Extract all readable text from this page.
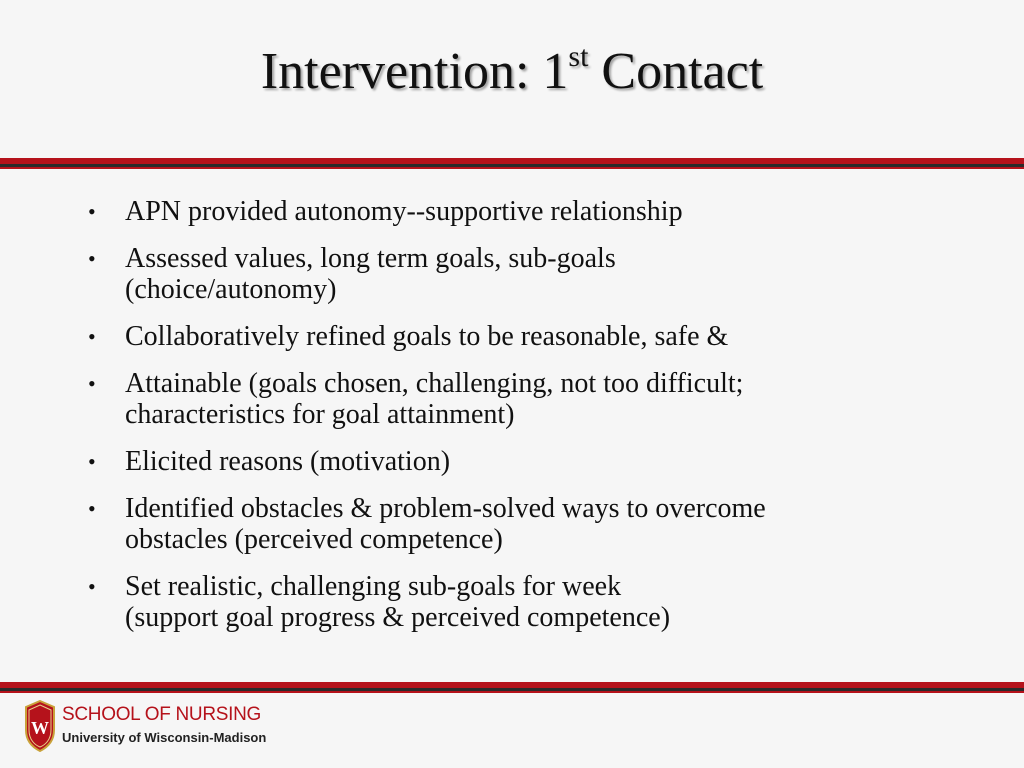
Intervention: 1st Contact
• APN provided autonomy--supportive relationship
• Assessed values, long term goals, sub-goals
(choice/autonomy)
• Collaboratively refined goals to be reasonable, safe &
• Attainable (goals chosen, challenging, not too difficult;
characteristics for goal attainment)
• Elicited reasons (motivation)
• Identified obstacles & problem-solved ways to overcome
obstacles (perceived competence)
• Set realistic, challenging sub-goals for week
(support goal progress & perceived competence)
W
SCHOOL OF NURSING
University of Wisconsin-Madison
